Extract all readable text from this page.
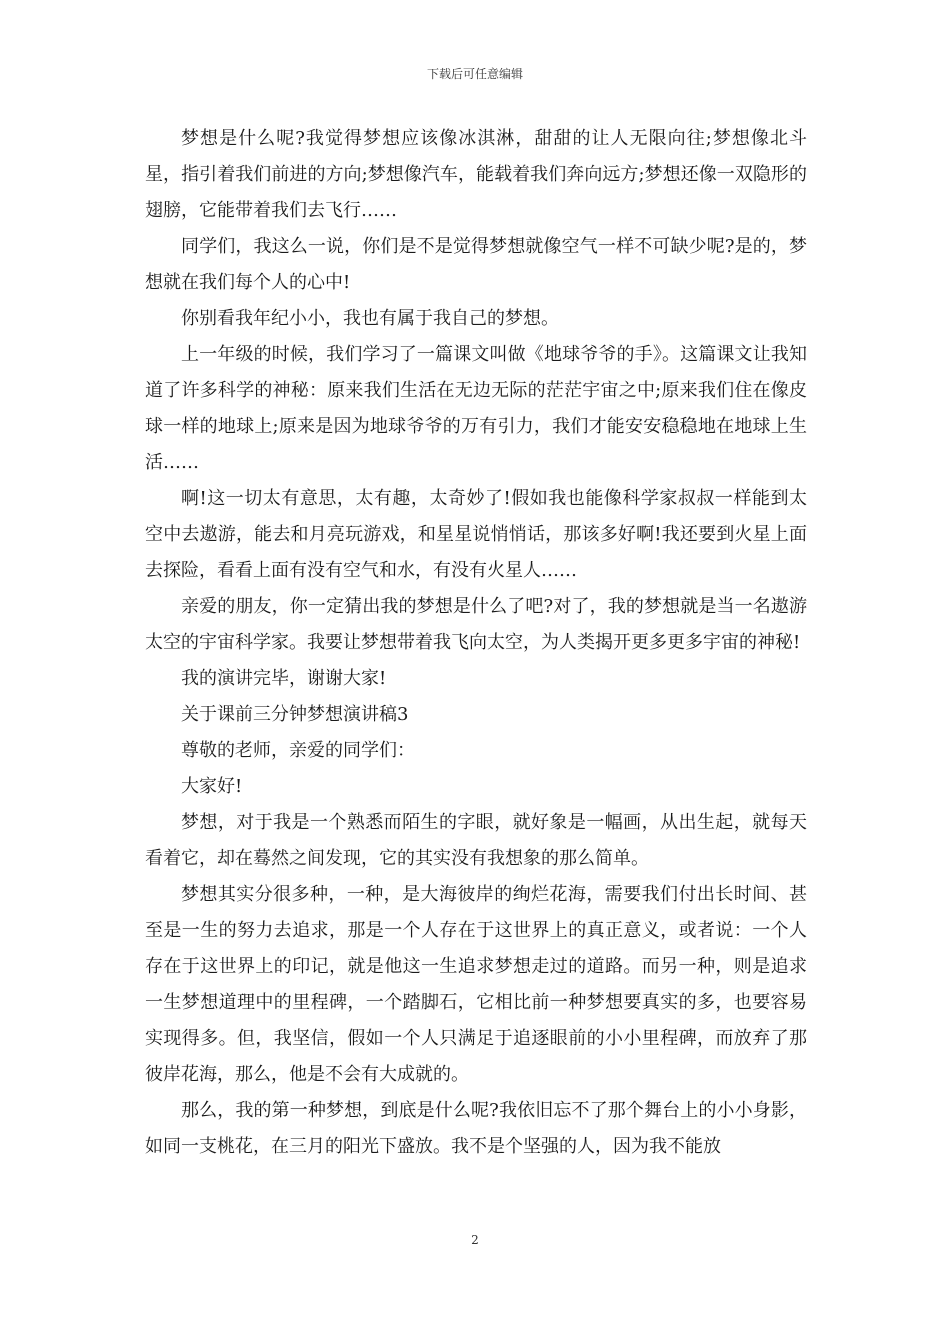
下载后可任意编辑

梦想是什么呢?我觉得梦想应该像冰淇淋，甜甜的让人无限向往;梦想像北斗星，指引着我们前进的方向;梦想像汽车，能载着我们奔向远方;梦想还像一双隐形的翅膀，它能带着我们去飞行……

同学们，我这么一说，你们是不是觉得梦想就像空气一样不可缺少呢?是的，梦想就在我们每个人的心中!

你别看我年纪小小，我也有属于我自己的梦想。

上一年级的时候，我们学习了一篇课文叫做《地球爷爷的手》。这篇课文让我知道了许多科学的神秘：原来我们生活在无边无际的茫茫宇宙之中;原来我们住在像皮球一样的地球上;原来是因为地球爷爷的万有引力，我们才能安安稳稳地在地球上生活……

啊!这一切太有意思，太有趣，太奇妙了!假如我也能像科学家叔叔一样能到太空中去遨游，能去和月亮玩游戏，和星星说悄悄话，那该多好啊!我还要到火星上面去探险，看看上面有没有空气和水，有没有火星人……

亲爱的朋友，你一定猜出我的梦想是什么了吧?对了，我的梦想就是当一名遨游太空的宇宙科学家。我要让梦想带着我飞向太空，为人类揭开更多更多宇宙的神秘!

我的演讲完毕，谢谢大家!

关于课前三分钟梦想演讲稿3

尊敬的老师，亲爱的同学们：

大家好!

梦想，对于我是一个熟悉而陌生的字眼，就好象是一幅画，从出生起，就每天看着它，却在蓦然之间发现，它的其实没有我想象的那么简单。

梦想其实分很多种，一种，是大海彼岸的绚烂花海，需要我们付出长时间、甚至是一生的努力去追求，那是一个人存在于这世界上的真正意义，或者说：一个人存在于这世界上的印记，就是他这一生追求梦想走过的道路。而另一种，则是追求一生梦想道理中的里程碑，一个踏脚石，它相比前一种梦想要真实的多，也要容易实现得多。但，我坚信，假如一个人只满足于追逐眼前的小小里程碑，而放弃了那彼岸花海，那么，他是不会有大成就的。

那么，我的第一种梦想，到底是什么呢?我依旧忘不了那个舞台上的小小身影，如同一支桃花，在三月的阳光下盛放。我不是个坚强的人，因为我不能放

2
